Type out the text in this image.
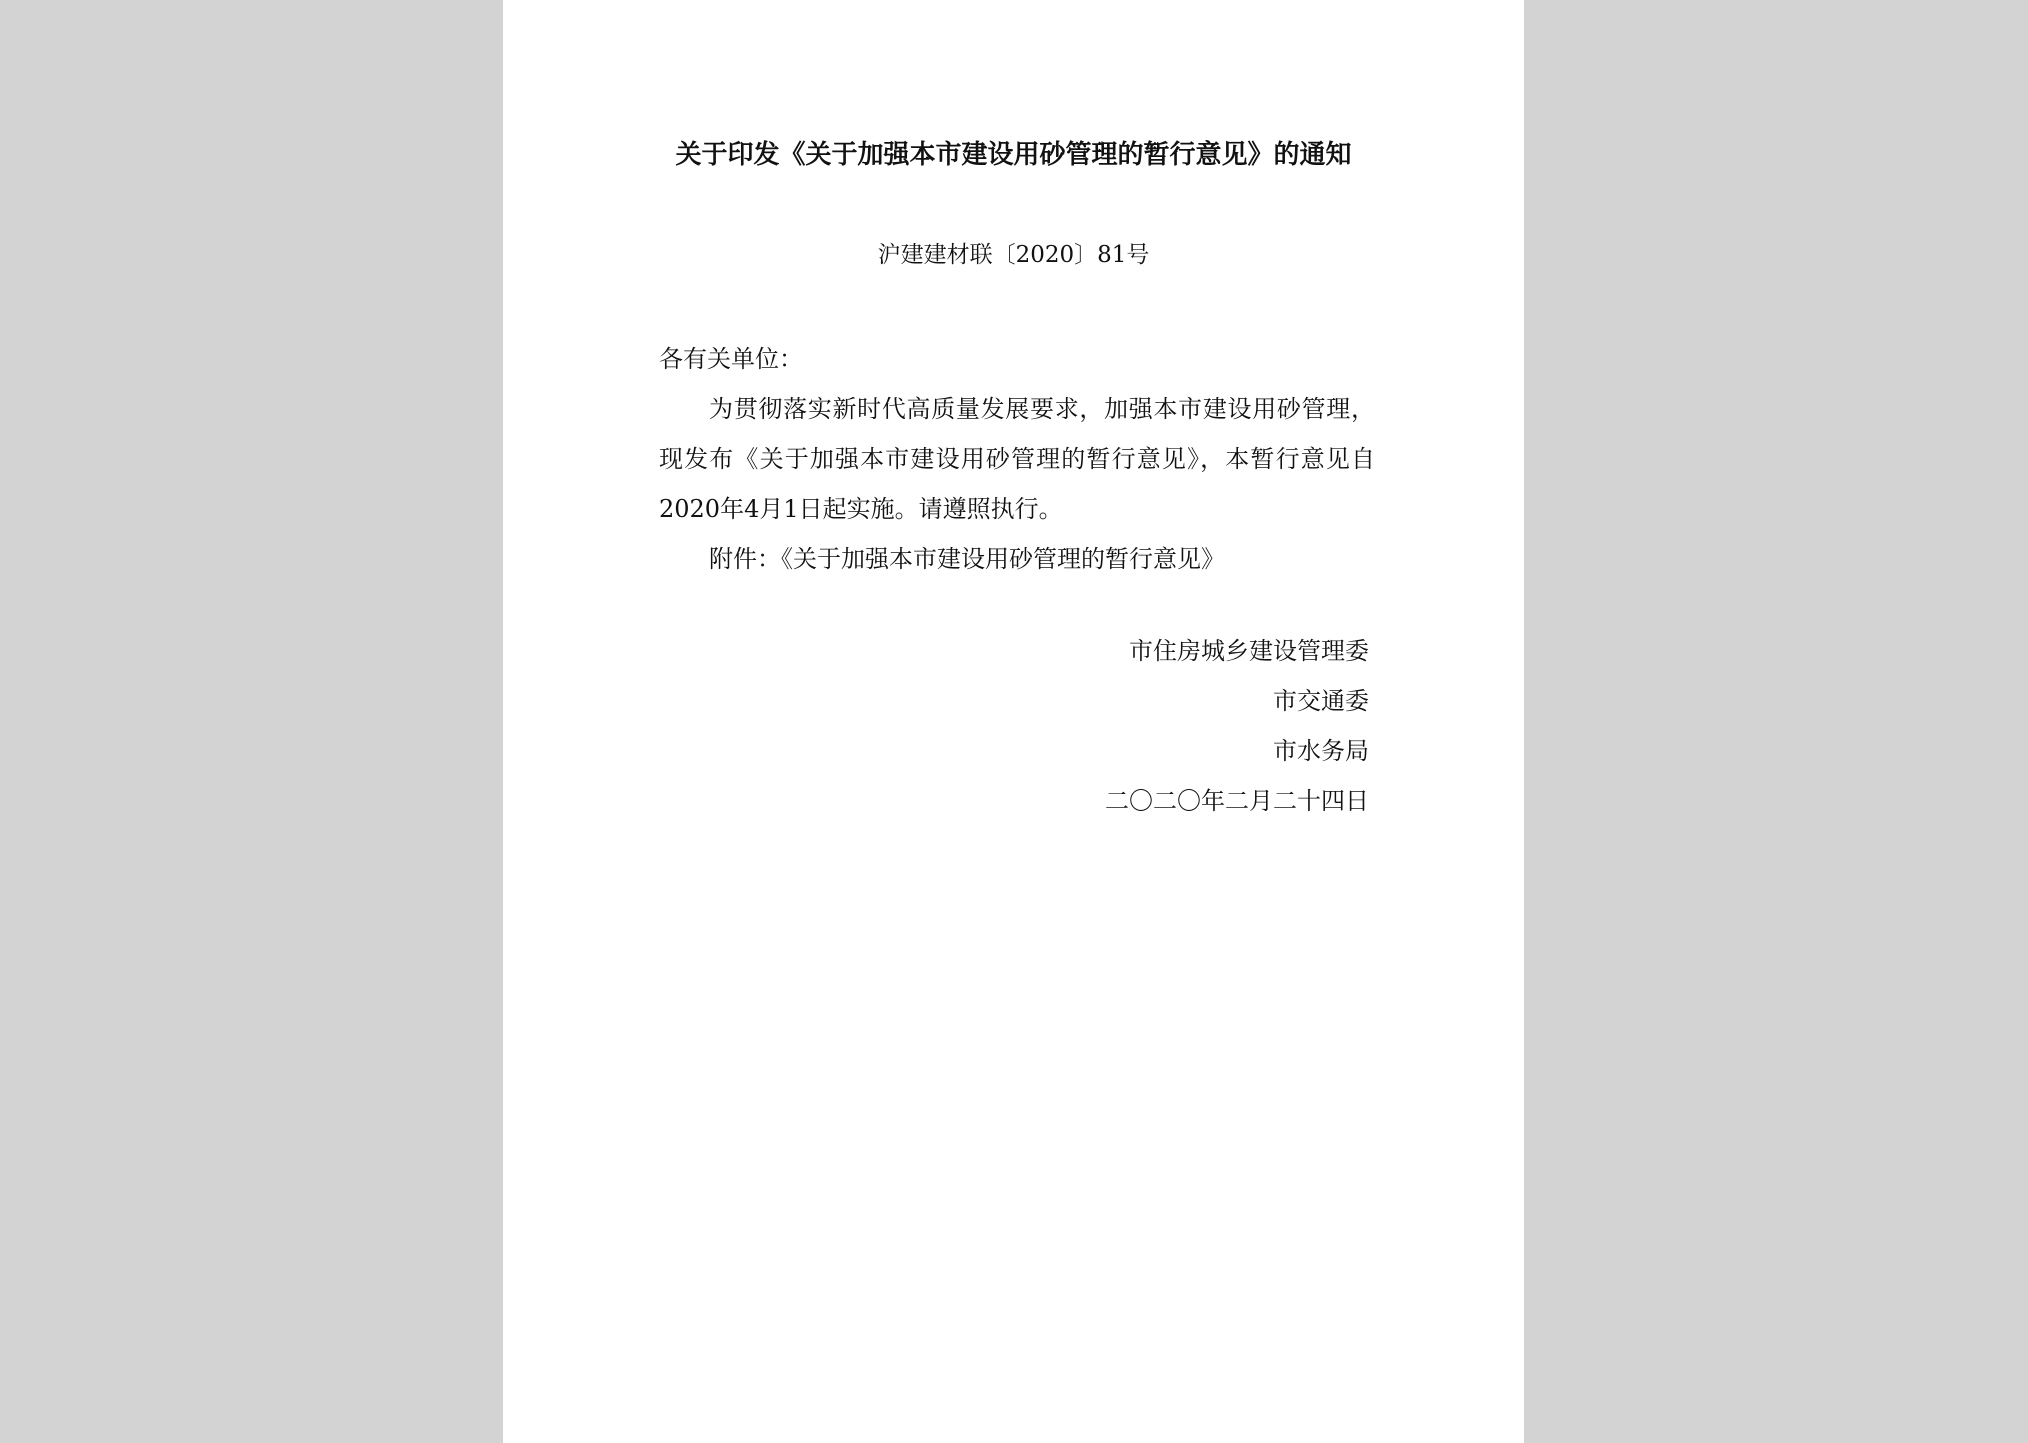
关于印发《关于加强本市建设用砂管理的暂行意见》的通知
沪建建材联〔2020〕81号

各有关单位：

为贯彻落实新时代高质量发展要求，加强本市建设用砂管理，现发布《关于加强本市建设用砂管理的暂行意见》，本暂行意见自2020年4月1日起实施。请遵照执行。

附件：《关于加强本市建设用砂管理的暂行意见》

市住房城乡建设管理委
市交通委
市水务局
二〇二〇年二月二十四日
